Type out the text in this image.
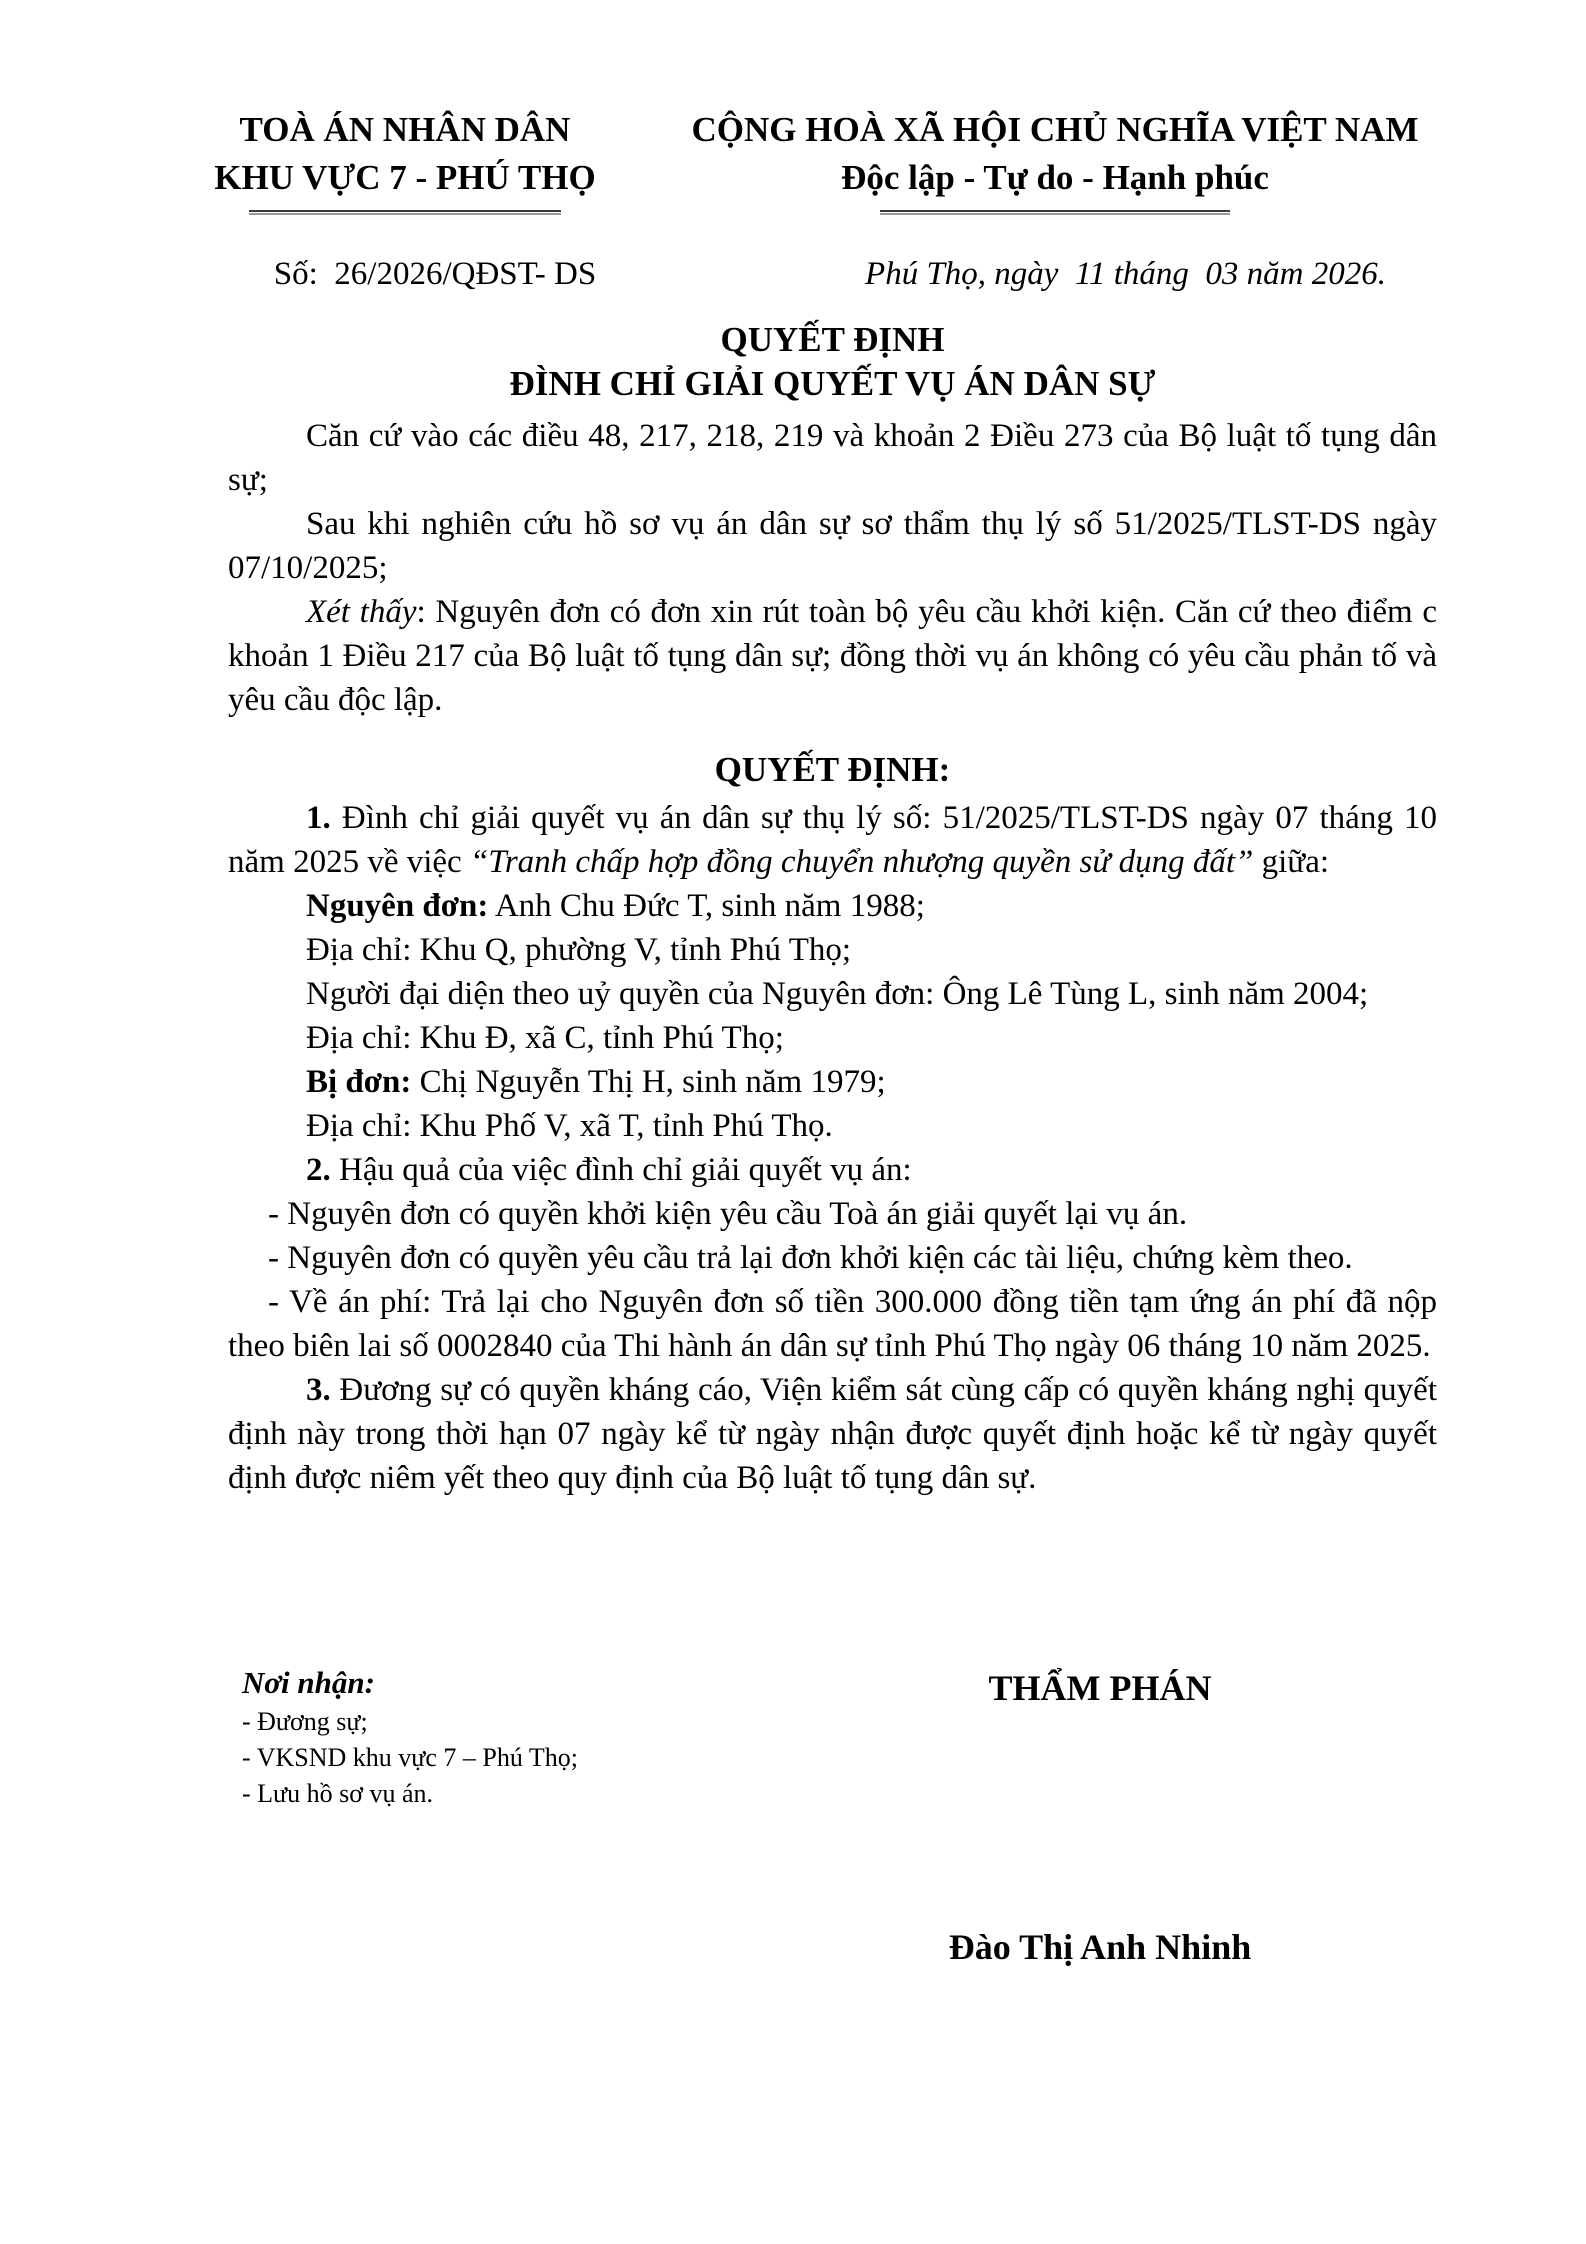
TOÀ ÁN NHÂN DÂN
KHU VỰC 7 - PHÚ THỌ
CỘNG HOÀ XÃ HỘI CHỦ NGHĨA VIỆT NAM
Độc lập - Tự do - Hạnh phúc
Số:  26/2026/QĐST- DS	Phú Thọ, ngày  11 tháng  03 năm 2026.
QUYẾT ĐỊNH
ĐÌNH CHỈ GIẢI QUYẾT VỤ ÁN DÂN SỰ

Căn cứ vào các điều 48, 217, 218, 219 và khoản 2 Điều 273 của Bộ luật tố tụng dân sự;

Sau khi nghiên cứu hồ sơ vụ án dân sự sơ thẩm thụ lý số 51/2025/TLST-DS ngày 07/10/2025;

Xét thấy: Nguyên đơn có đơn xin rút toàn bộ yêu cầu khởi kiện. Căn cứ theo điểm c khoản 1 Điều 217 của Bộ luật tố tụng dân sự; đồng thời vụ án không có yêu cầu phản tố và yêu cầu độc lập.

QUYẾT ĐỊNH:

1. Đình chỉ giải quyết vụ án dân sự thụ lý số: 51/2025/TLST-DS ngày 07 tháng 10 năm 2025 về việc “Tranh chấp hợp đồng chuyển nhượng quyền sử dụng đất” giữa:

Nguyên đơn: Anh Chu Đức T, sinh năm 1988;

Địa chỉ: Khu Q, phường V, tỉnh Phú Thọ;

Người đại diện theo uỷ quyền của Nguyên đơn: Ông Lê Tùng L, sinh năm 2004;

Địa chỉ: Khu Đ, xã C, tỉnh Phú Thọ;

Bị đơn: Chị Nguyễn Thị H, sinh năm 1979;

Địa chỉ: Khu Phố V, xã T, tỉnh Phú Thọ.

2. Hậu quả của việc đình chỉ giải quyết vụ án:

- Nguyên đơn có quyền khởi kiện yêu cầu Toà án giải quyết lại vụ án.

- Nguyên đơn có quyền yêu cầu trả lại đơn khởi kiện các tài liệu, chứng kèm theo.

- Về án phí: Trả lại cho Nguyên đơn số tiền 300.000 đồng tiền tạm ứng án phí đã nộp theo biên lai số 0002840 của Thi hành án dân sự tỉnh Phú Thọ ngày 06 tháng 10 năm 2025.

3. Đương sự có quyền kháng cáo, Viện kiểm sát cùng cấp có quyền kháng nghị quyết định này trong thời hạn 07 ngày kể từ ngày nhận được quyết định hoặc kể từ ngày quyết định được niêm yết theo quy định của Bộ luật tố tụng dân sự.

Nơi nhận:
- Đương sự;
- VKSND khu vực 7 – Phú Thọ;
- Lưu hồ sơ vụ án.
THẨM PHÁN
Đào Thị Anh Nhinh
